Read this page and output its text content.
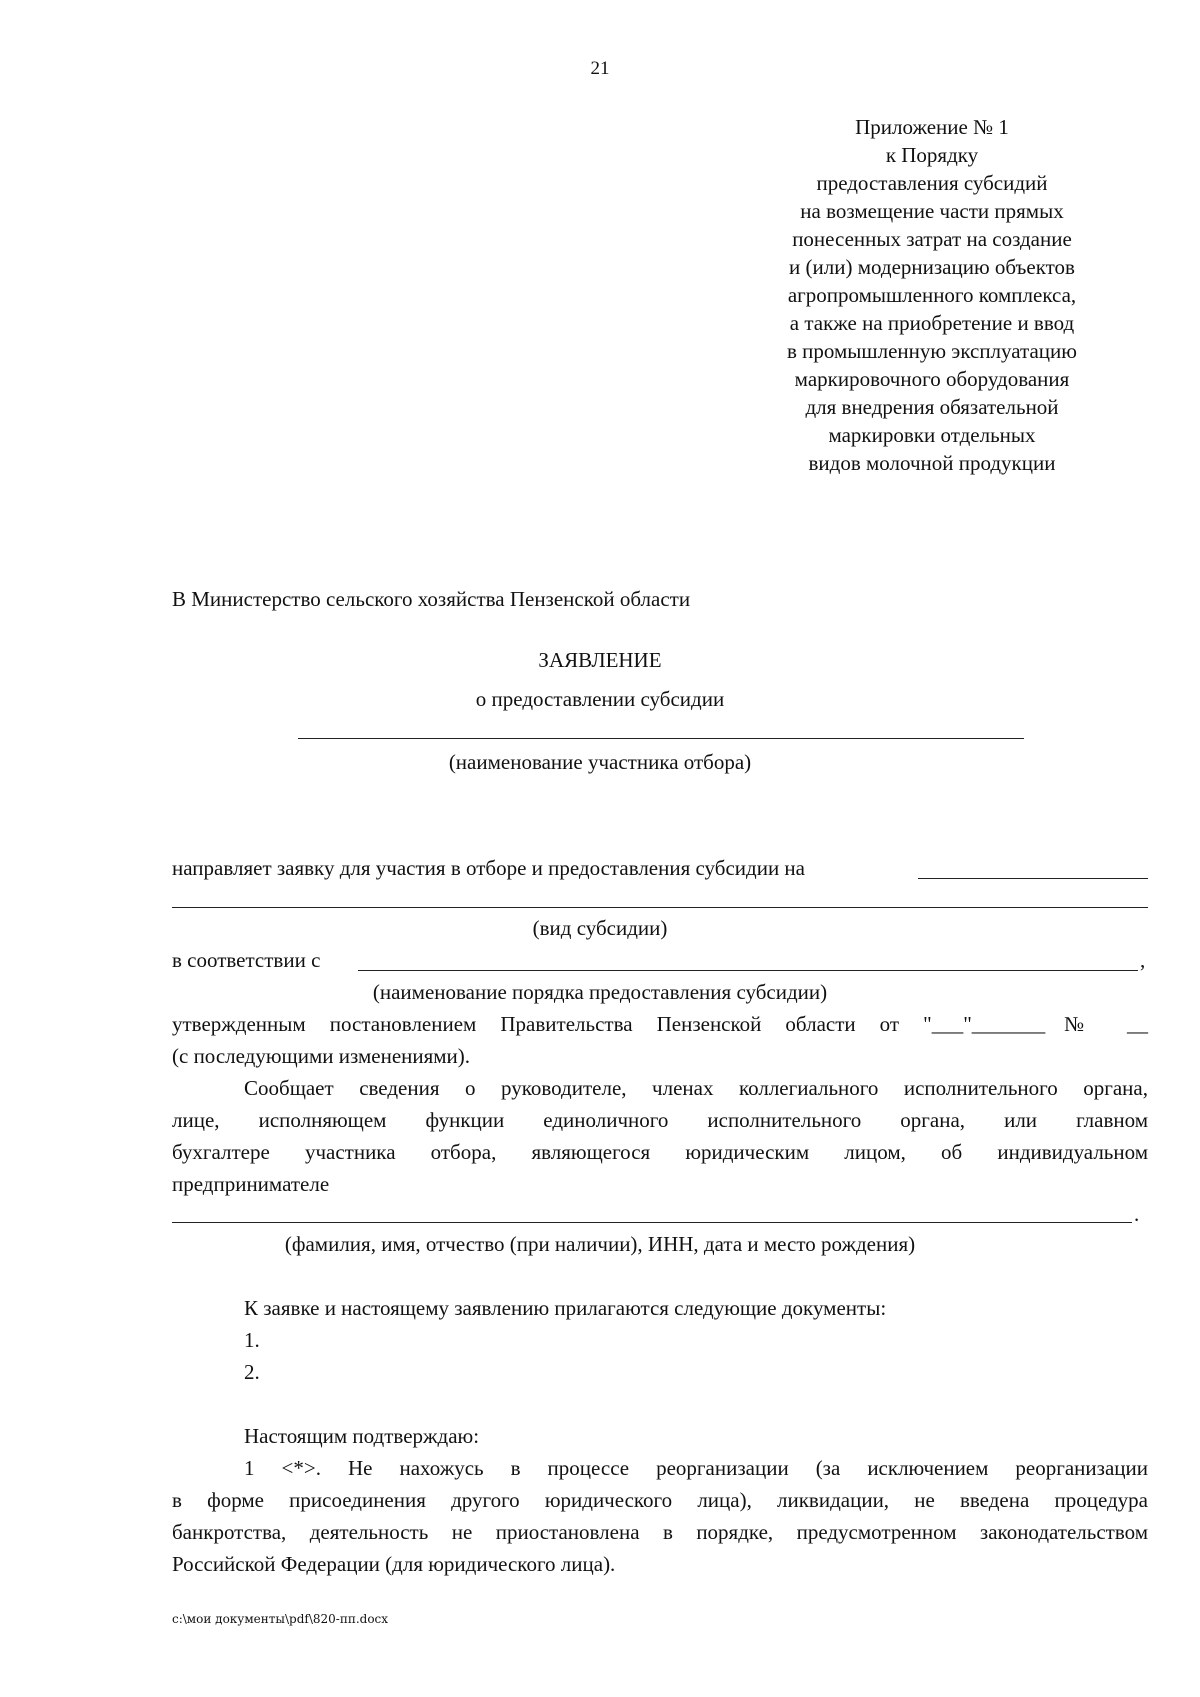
21
Приложение № 1
к Порядку
предоставления субсидий
на возмещение части прямых
понесенных затрат на создание
и (или) модернизацию объектов
агропромышленного комплекса,
а также на приобретение и ввод
в промышленную эксплуатацию
маркировочного оборудования
для внедрения обязательной
маркировки отдельных
видов молочной продукции
В Министерство сельского хозяйства Пензенской области
ЗАЯВЛЕНИЕ
о предоставлении субсидии
(наименование участника отбора)
направляет заявку для участия в отборе и предоставления субсидии на
(вид субсидии)
в соответствии с	,
(наименование порядка предоставления субсидии)
утвержденным постановлением Правительства Пензенской области от "___"_______№ __
(с последующими изменениями).
Сообщает сведения о руководителе, членах коллегиального исполнительного органа,
лице, исполняющем функции единоличного исполнительного органа, или главном
бухгалтере участника отбора, являющегося юридическим лицом, об индивидуальном
предпринимателе
.
(фамилия, имя, отчество (при наличии), ИНН, дата и место рождения)
К заявке и настоящему заявлению прилагаются следующие документы:
1.
2.
Настоящим подтверждаю:
1 <*>. Не нахожусь в процессе реорганизации (за исключением реорганизации
в форме присоединения другого юридического лица), ликвидации, не введена процедура
банкротства, деятельность не приостановлена в порядке, предусмотренном законодательством
Российской Федерации (для юридического лица).
c:\мои документы\pdf\820-пп.docx
